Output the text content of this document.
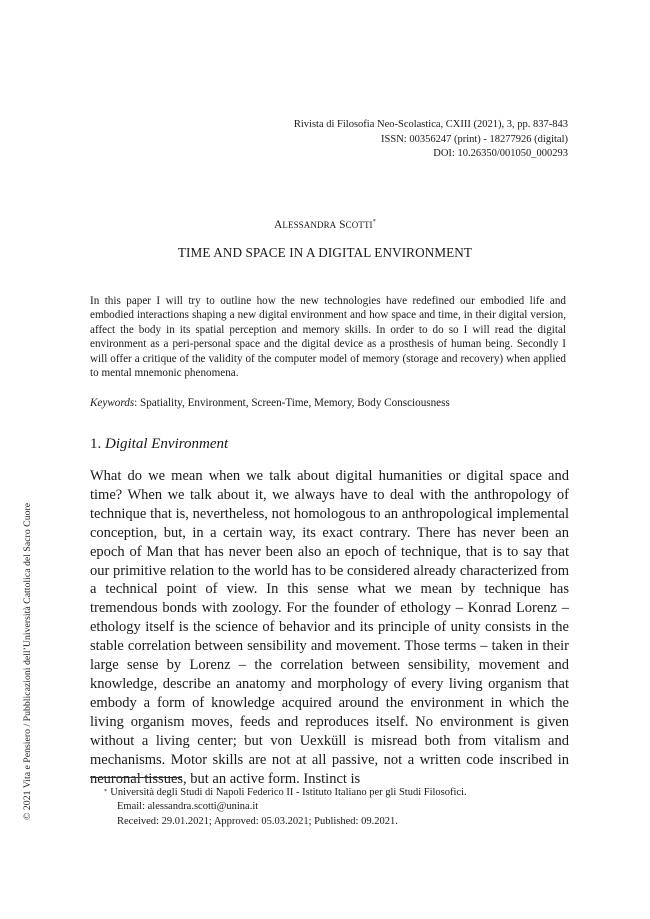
Rivista di Filosofia Neo-Scolastica, CXIII (2021), 3, pp. 837-843
ISSN: 00356247 (print) - 18277926 (digital)
DOI: 10.26350/001050_000293
ALESSANDRA SCOTTI*
TIME AND SPACE IN A DIGITAL ENVIRONMENT

In this paper I will try to outline how the new technologies have redefined our embodied life and embodied interactions shaping a new digital environment and how space and time, in their digital version, affect the body in its spatial perception and memory skills. In order to do so I will read the digital environment as a peri-personal space and the digital device as a prosthesis of human being. Secondly I will offer a critique of the validity of the computer model of memory (storage and recovery) when applied to mental mnemonic phenomena.

Keywords: Spatiality, Environment, Screen-Time, Memory, Body Consciousness
1. Digital Environment

What do we mean when we talk about digital humanities or digital space and time? When we talk about it, we always have to deal with the anthropology of technique that is, nevertheless, not homologous to an anthropological implemental conception, but, in a certain way, its exact contrary. There has never been an epoch of Man that has never been also an epoch of technique, that is to say that our primitive relation to the world has to be considered already characterized from a technical point of view. In this sense what we mean by technique has tremendous bonds with zoology. For the founder of ethology – Konrad Lorenz – ethology itself is the science of behavior and its principle of unity consists in the stable correlation between sensibility and movement. Those terms – taken in their large sense by Lorenz – the correlation between sensibility, movement and knowledge, describe an anatomy and morphology of every living organism that embody a form of knowledge acquired around the environment in which the living organism moves, feeds and reproduces itself. No environment is given without a living center; but von Uexküll is misread both from vitalism and mechanisms. Motor skills are not at all passive, not a written code inscribed in neuronal tissues, but an active form. Instinct is

* Università degli Studi di Napoli Federico II - Istituto Italiano per gli Studi Filosofici.
Email: alessandra.scotti@unina.it
Received: 29.01.2021; Approved: 05.03.2021; Published: 09.2021.
© 2021 Vita e Pensiero / Pubblicazioni dell’Università Cattolica del Sacro Cuore
